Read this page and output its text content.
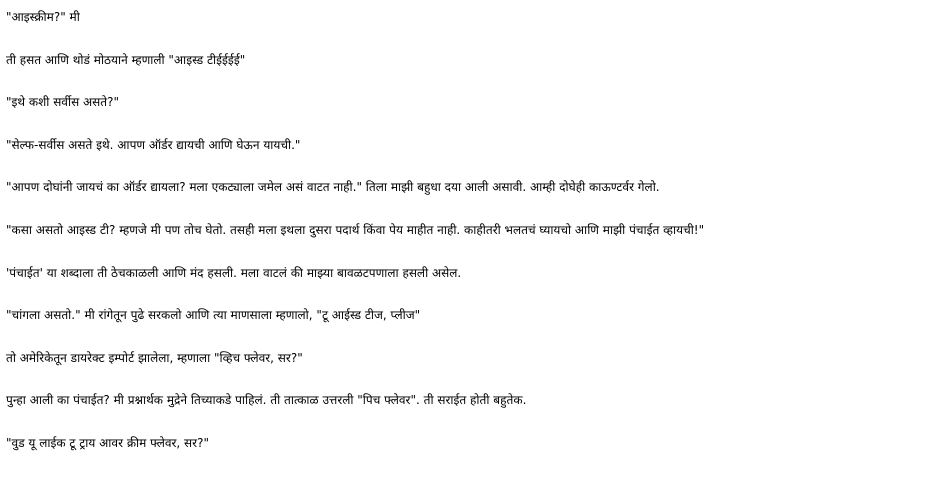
"आइस्क्रीम?" मी

ती हसत आणि थोडं मोठयाने म्हणाली "आइस्ड टीईईईई"

"इथे कशी सर्वीस असते?"

"सेल्फ-सर्वीस असते इथे. आपण ऑर्डर द्यायची आणि घेऊन यायची."

"आपण दोघांनी जायचं का ऑर्डर द्यायला? मला एकट्याला जमेल असं वाटत नाही." तिला माझी बहुधा दया आली असावी. आम्ही दोघेही काऊण्टर्वर गेलो.

"कसा असतो आइस्ड टी? म्हणजे मी पण तोच घेतो. तसही मला इथला दुसरा पदार्थ किंवा पेय माहीत नाही. काहीतरी भलतचं घ्यायचो आणि माझी पंचाईत व्हायची!"

'पंचाईत' या शब्दाला ती ठेचकाळली आणि मंद हसली. मला वाटलं की माझ्या बावळटपणाला हसली असेल.

"चांगला असतो." मी रांगेतून पुढे सरकलो आणि त्या माणसाला म्हणालो, "टू आईस्ड टीज, प्लीज"

तो अमेरिकेतून डायरेक्ट इम्पोर्ट झालेला, म्हणाला "व्हिच फ्लेवर, सर?"

पुन्हा आली का पंचाईत? मी प्रश्नार्थक मुद्रेने तिच्याकडे पाहिलं. ती तात्काळ उत्तरली "पिच फ्लेवर". ती सराईत होती बहुतेक.

"वुड यू लाईक टू ट्राय आवर क्रीम फ्लेवर, सर?"
